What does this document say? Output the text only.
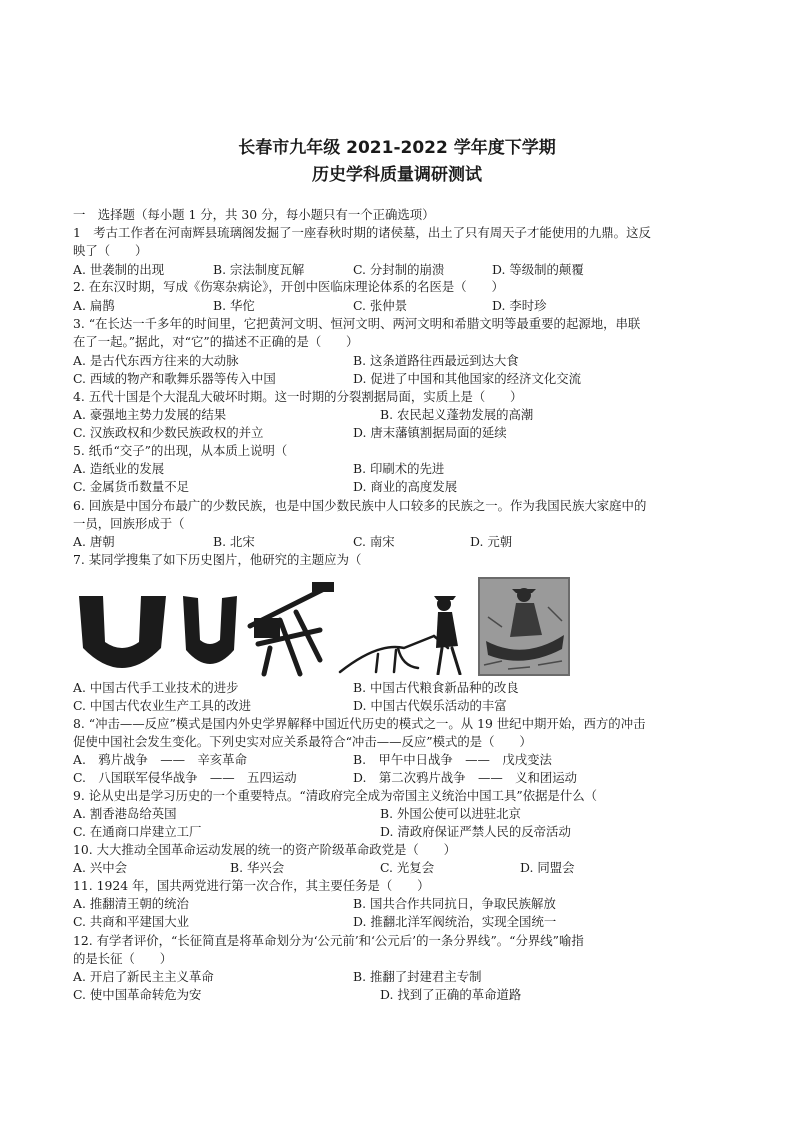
长春市九年级 2021-2022 学年度下学期
历史学科质量调研测试
一　选择题（每小题 1 分，共 30 分，每小题只有一个正确选项）
1　考古工作者在河南辉县琉璃阁发掘了一座春秋时期的诸侯墓，出土了只有周天子才能使用的九鼎。这反
映了（　　）
A. 世袭制的出现	B. 宗法制度瓦解	C. 分封制的崩溃	D. 等级制的颠覆
2. 在东汉时期，写成《伤寒杂病论》，开创中医临床理论体系的名医是（　　）
A. 扁鹊	B. 华佗	C. 张仲景	D. 李时珍
3. “在长达一千多年的时间里，它把黄河文明、恒河文明、两河文明和希腊文明等最重要的起源地，串联
在了一起。”据此，对“它”的描述不正确的是（　　）
A. 是古代东西方往来的大动脉	B. 这条道路往西最远到达大食
C. 西域的物产和歌舞乐器等传入中国	D. 促进了中国和其他国家的经济文化交流
4. 五代十国是个大混乱大破坏时期。这一时期的分裂割据局面，实质上是（　　）
A. 豪强地主势力发展的结果	B. 农民起义蓬勃发展的高潮
C. 汉族政权和少数民族政权的并立	D. 唐末藩镇割据局面的延续
5. 纸币“交子”的出现，从本质上说明（
A. 造纸业的发展	B. 印刷术的先进
C. 金属货币数量不足	D. 商业的高度发展
6. 回族是中国分布最广的少数民族，也是中国少数民族中人口较多的民族之一。作为我国民族大家庭中的
一员，回族形成于（
A. 唐朝	B. 北宋	C. 南宋	D. 元朝
7. 某同学搜集了如下历史图片，他研究的主题应为（
A. 中国古代手工业技术的进步	B. 中国古代粮食新品种的改良
C. 中国古代农业生产工具的改进	D. 中国古代娱乐活动的丰富
8. “冲击——反应”模式是国内外史学界解释中国近代历史的模式之一。从 19 世纪中期开始，西方的冲击
促使中国社会发生变化。下列史实对应关系最符合“冲击——反应”模式的是（　　）
A.　鸦片战争　——　辛亥革命	B.　甲午中日战争　——　戊戌变法
C.　八国联军侵华战争　——　五四运动	D.　第二次鸦片战争　——　义和团运动
9. 论从史出是学习历史的一个重要特点。“清政府完全成为帝国主义统治中国工具”依据是什么（
A. 割香港岛给英国	B. 外国公使可以进驻北京
C. 在通商口岸建立工厂	D. 清政府保证严禁人民的反帝活动
10. 大大推动全国革命运动发展的统一的资产阶级革命政党是（　　）
A. 兴中会	B. 华兴会	C. 光复会	D. 同盟会
11. 1924 年，国共两党进行第一次合作，其主要任务是（　　）
A. 推翻清王朝的统治	B. 国共合作共同抗日，争取民族解放
C. 共商和平建国大业	D. 推翻北洋军阀统治，实现全国统一
12. 有学者评价，“长征简直是将革命划分为‘公元前’和‘公元后’的一条分界线”。“分界线”喻指
的是长征（　　）
A. 开启了新民主主义革命	B. 推翻了封建君主专制
C. 使中国革命转危为安	D. 找到了正确的革命道路
